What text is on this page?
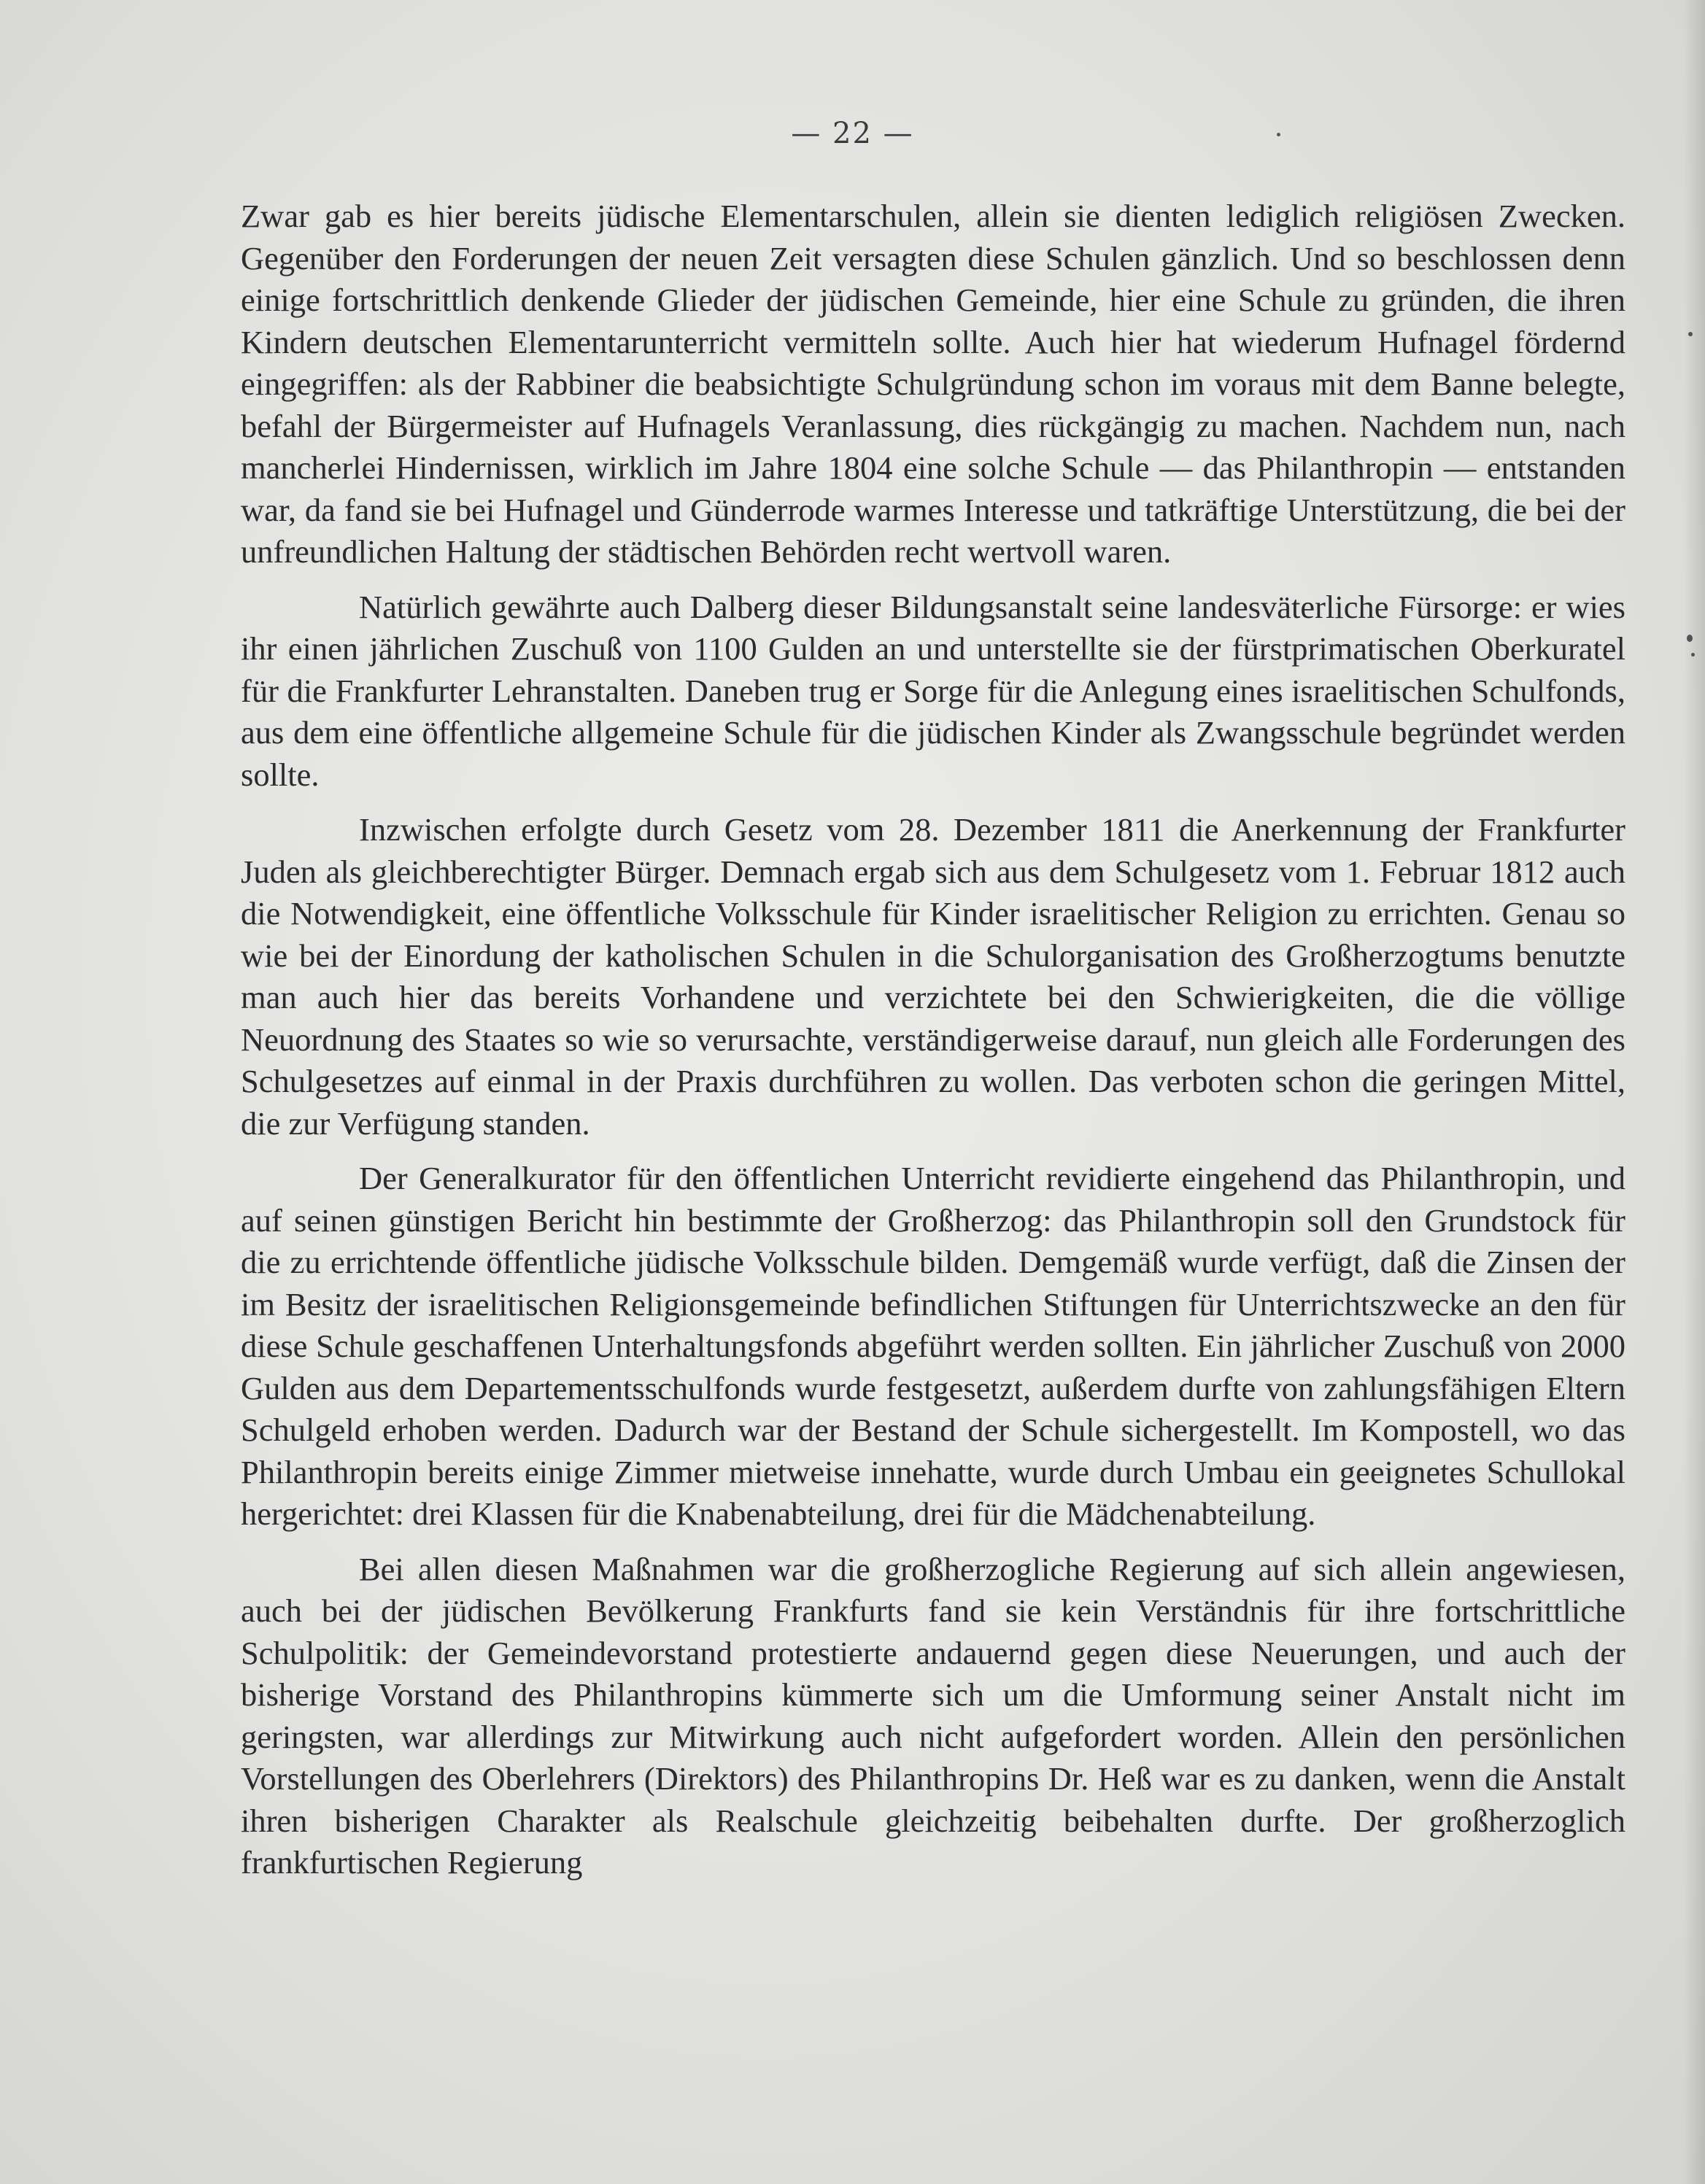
— 22 —

Zwar gab es hier bereits jüdische Elementarschulen, allein sie dienten lediglich religiösen Zwecken. Gegenüber den Forderungen der neuen Zeit versagten diese Schulen gänzlich. Und so beschlossen denn einige fortschrittlich denkende Glieder der jüdischen Gemeinde, hier eine Schule zu gründen, die ihren Kindern deutschen Elementarunterricht vermitteln sollte. Auch hier hat wiederum Hufnagel fördernd eingegriffen: als der Rabbiner die beabsichtigte Schulgründung schon im voraus mit dem Banne belegte, befahl der Bürgermeister auf Hufnagels Veranlassung, dies rückgängig zu machen. Nachdem nun, nach mancherlei Hindernissen, wirklich im Jahre 1804 eine solche Schule — das Philanthropin — entstanden war, da fand sie bei Hufnagel und Günderrode warmes Interesse und tatkräftige Unterstützung, die bei der unfreundlichen Haltung der städtischen Behörden recht wertvoll waren.

Natürlich gewährte auch Dalberg dieser Bildungsanstalt seine landesväterliche Fürsorge: er wies ihr einen jährlichen Zuschuß von 1100 Gulden an und unterstellte sie der fürstprimatischen Oberkuratel für die Frankfurter Lehranstalten. Daneben trug er Sorge für die Anlegung eines israelitischen Schulfonds, aus dem eine öffentliche allgemeine Schule für die jüdischen Kinder als Zwangsschule begründet werden sollte.

Inzwischen erfolgte durch Gesetz vom 28. Dezember 1811 die Anerkennung der Frankfurter Juden als gleichberechtigter Bürger. Demnach ergab sich aus dem Schulgesetz vom 1. Februar 1812 auch die Notwendigkeit, eine öffentliche Volksschule für Kinder israelitischer Religion zu errichten. Genau so wie bei der Einordung der katholischen Schulen in die Schulorganisation des Großherzogtums benutzte man auch hier das bereits Vorhandene und verzichtete bei den Schwierigkeiten, die die völlige Neuordnung des Staates so wie so verursachte, verständigerweise darauf, nun gleich alle Forderungen des Schulgesetzes auf einmal in der Praxis durchführen zu wollen. Das verboten schon die geringen Mittel, die zur Verfügung standen.

Der Generalkurator für den öffentlichen Unterricht revidierte eingehend das Philanthropin, und auf seinen günstigen Bericht hin bestimmte der Großherzog: das Philanthropin soll den Grundstock für die zu errichtende öffentliche jüdische Volksschule bilden. Demgemäß wurde verfügt, daß die Zinsen der im Besitz der israelitischen Religionsgemeinde befindlichen Stiftungen für Unterrichtszwecke an den für diese Schule geschaffenen Unterhaltungsfonds abgeführt werden sollten. Ein jährlicher Zuschuß von 2000 Gulden aus dem Departementsschulfonds wurde festgesetzt, außerdem durfte von zahlungsfähigen Eltern Schulgeld erhoben werden. Dadurch war der Bestand der Schule sichergestellt. Im Kompostell, wo das Philanthropin bereits einige Zimmer mietweise innehatte, wurde durch Umbau ein geeignetes Schullokal hergerichtet: drei Klassen für die Knabenabteilung, drei für die Mädchenabteilung.

Bei allen diesen Maßnahmen war die großherzogliche Regierung auf sich allein angewiesen, auch bei der jüdischen Bevölkerung Frankfurts fand sie kein Verständnis für ihre fortschrittliche Schulpolitik: der Gemeindevorstand protestierte andauernd gegen diese Neuerungen, und auch der bisherige Vorstand des Philanthropins kümmerte sich um die Umformung seiner Anstalt nicht im geringsten, war allerdings zur Mitwirkung auch nicht aufgefordert worden. Allein den persönlichen Vorstellungen des Oberlehrers (Direktors) des Philanthropins Dr. Heß war es zu danken, wenn die Anstalt ihren bisherigen Charakter als Realschule gleichzeitig beibehalten durfte. Der großherzoglich frankfurtischen Regierung
